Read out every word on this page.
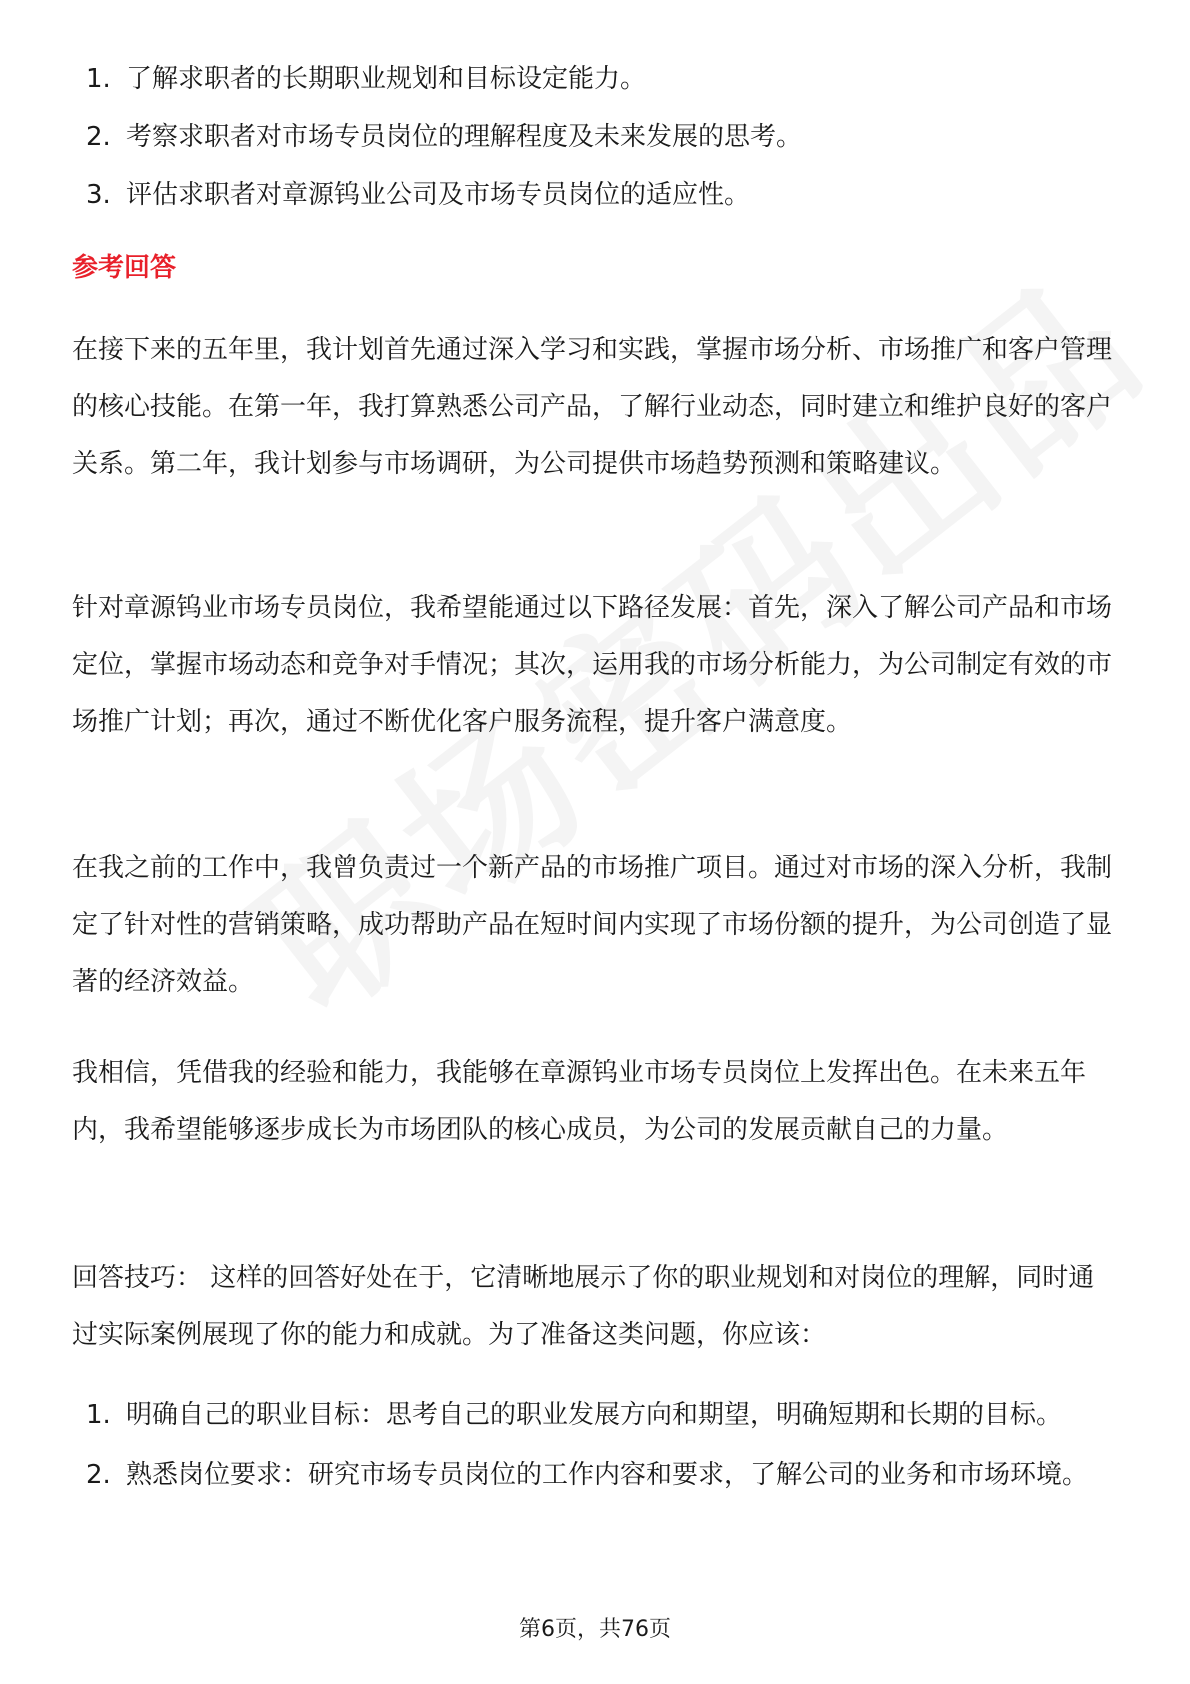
1. 了解求职者的长期职业规划和目标设定能力。
2. 考察求职者对市场专员岗位的理解程度及未来发展的思考。
3. 评估求职者对章源钨业公司及市场专员岗位的适应性。
参考回答

在接下来的五年里，我计划首先通过深入学习和实践，掌握市场分析、市场推广和客户管理的核心技能。在第一年，我打算熟悉公司产品，了解行业动态，同时建立和维护良好的客户关系。第二年，我计划参与市场调研，为公司提供市场趋势预测和策略建议。

针对章源钨业市场专员岗位，我希望能通过以下路径发展：首先，深入了解公司产品和市场定位，掌握市场动态和竞争对手情况；其次，运用我的市场分析能力，为公司制定有效的市场推广计划；再次，通过不断优化客户服务流程，提升客户满意度。

在我之前的工作中，我曾负责过一个新产品的市场推广项目。通过对市场的深入分析，我制定了针对性的营销策略，成功帮助产品在短时间内实现了市场份额的提升，为公司创造了显著的经济效益。

我相信，凭借我的经验和能力，我能够在章源钨业市场专员岗位上发挥出色。在未来五年内，我希望能够逐步成长为市场团队的核心成员，为公司的发展贡献自己的力量。

回答技巧： 这样的回答好处在于，它清晰地展示了你的职业规划和对岗位的理解，同时通过实际案例展现了你的能力和成就。为了准备这类问题，你应该：

1. 明确自己的职业目标：思考自己的职业发展方向和期望，明确短期和长期的目标。
2. 熟悉岗位要求：研究市场专员岗位的工作内容和要求，了解公司的业务和市场环境。
第6页，共76页
